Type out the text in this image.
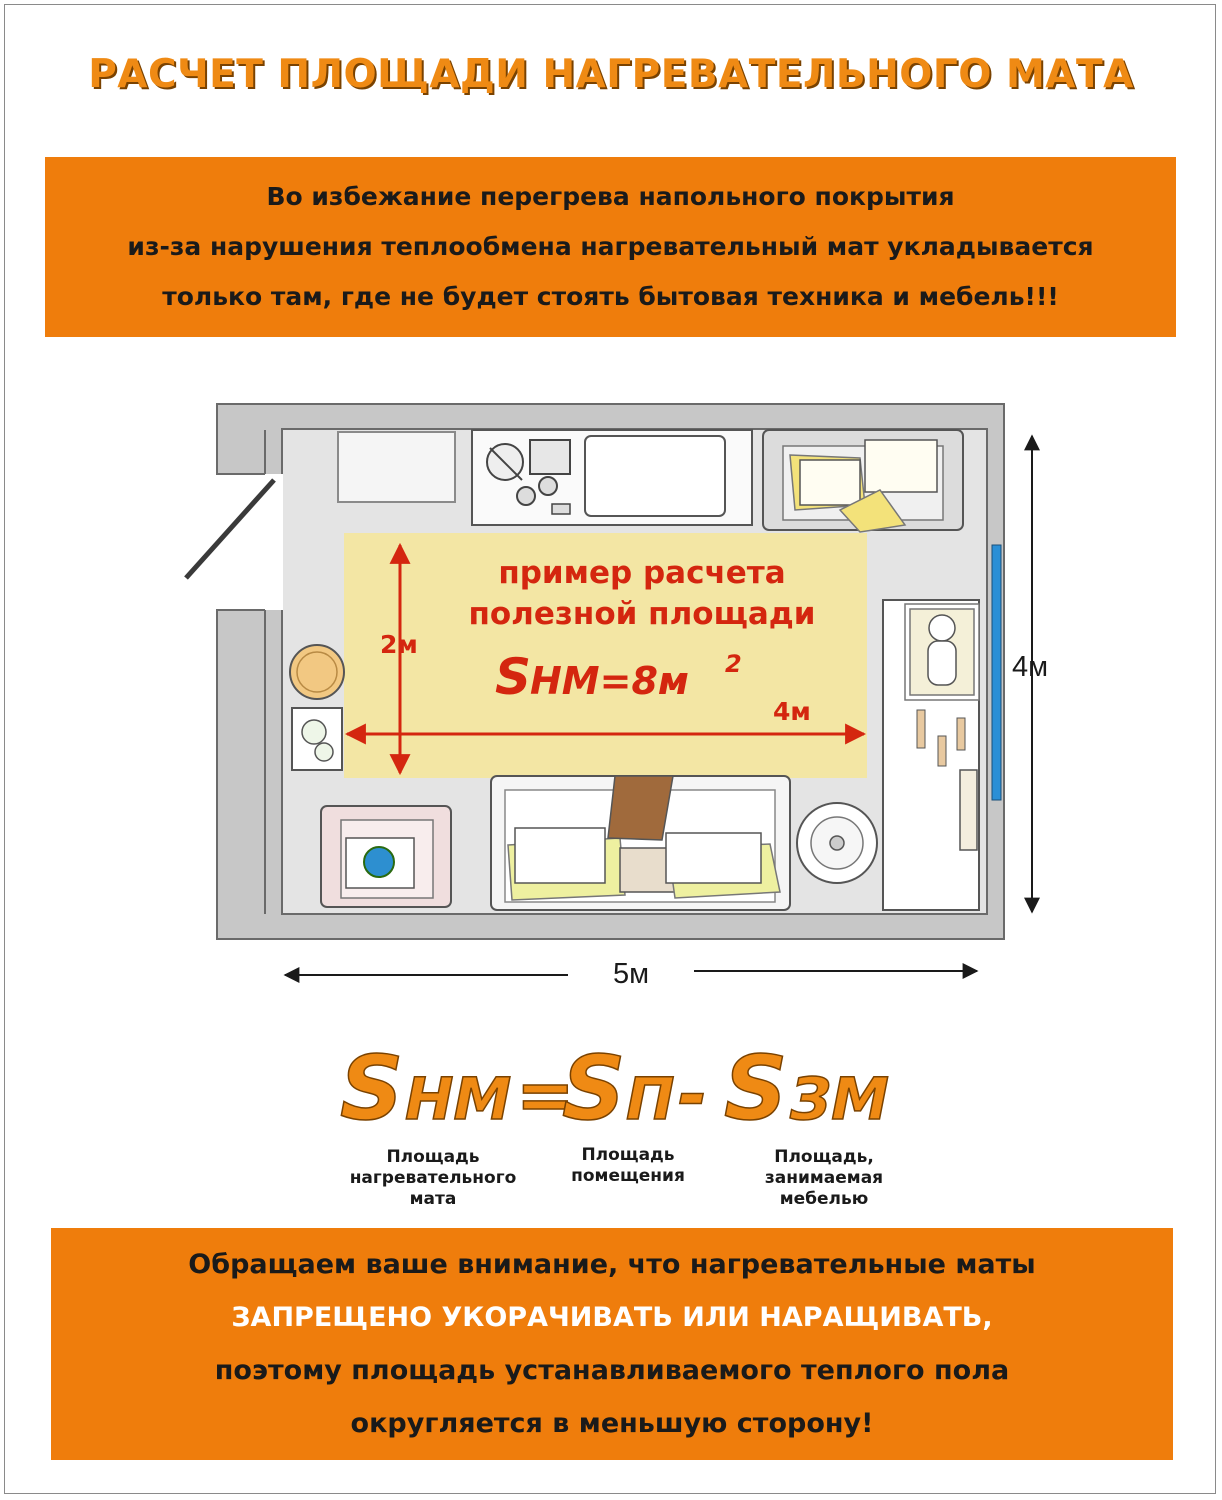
РАСЧЕТ ПЛОЩАДИ НАГРЕВАТЕЛЬНОГО МАТА
Во избежание перегрева напольного покрытия
из-за нарушения теплообмена нагревательный мат укладывается
только там, где не будет стоять бытовая техника и мебель!!!
пример расчета
полезной площади
S
НМ=8м 2
2м
4м
4м
5м
S НМ =
S П - S ЗМ
Площадь
нагревательного
мата
Площадь
помещения
Площадь,
занимаемая
мебелью
Обращаем ваше внимание, что нагревательные маты
ЗАПРЕЩЕНО УКОРАЧИВАТЬ ИЛИ НАРАЩИВАТЬ,
поэтому площадь устанавливаемого теплого пола
округляется в меньшую сторону!
